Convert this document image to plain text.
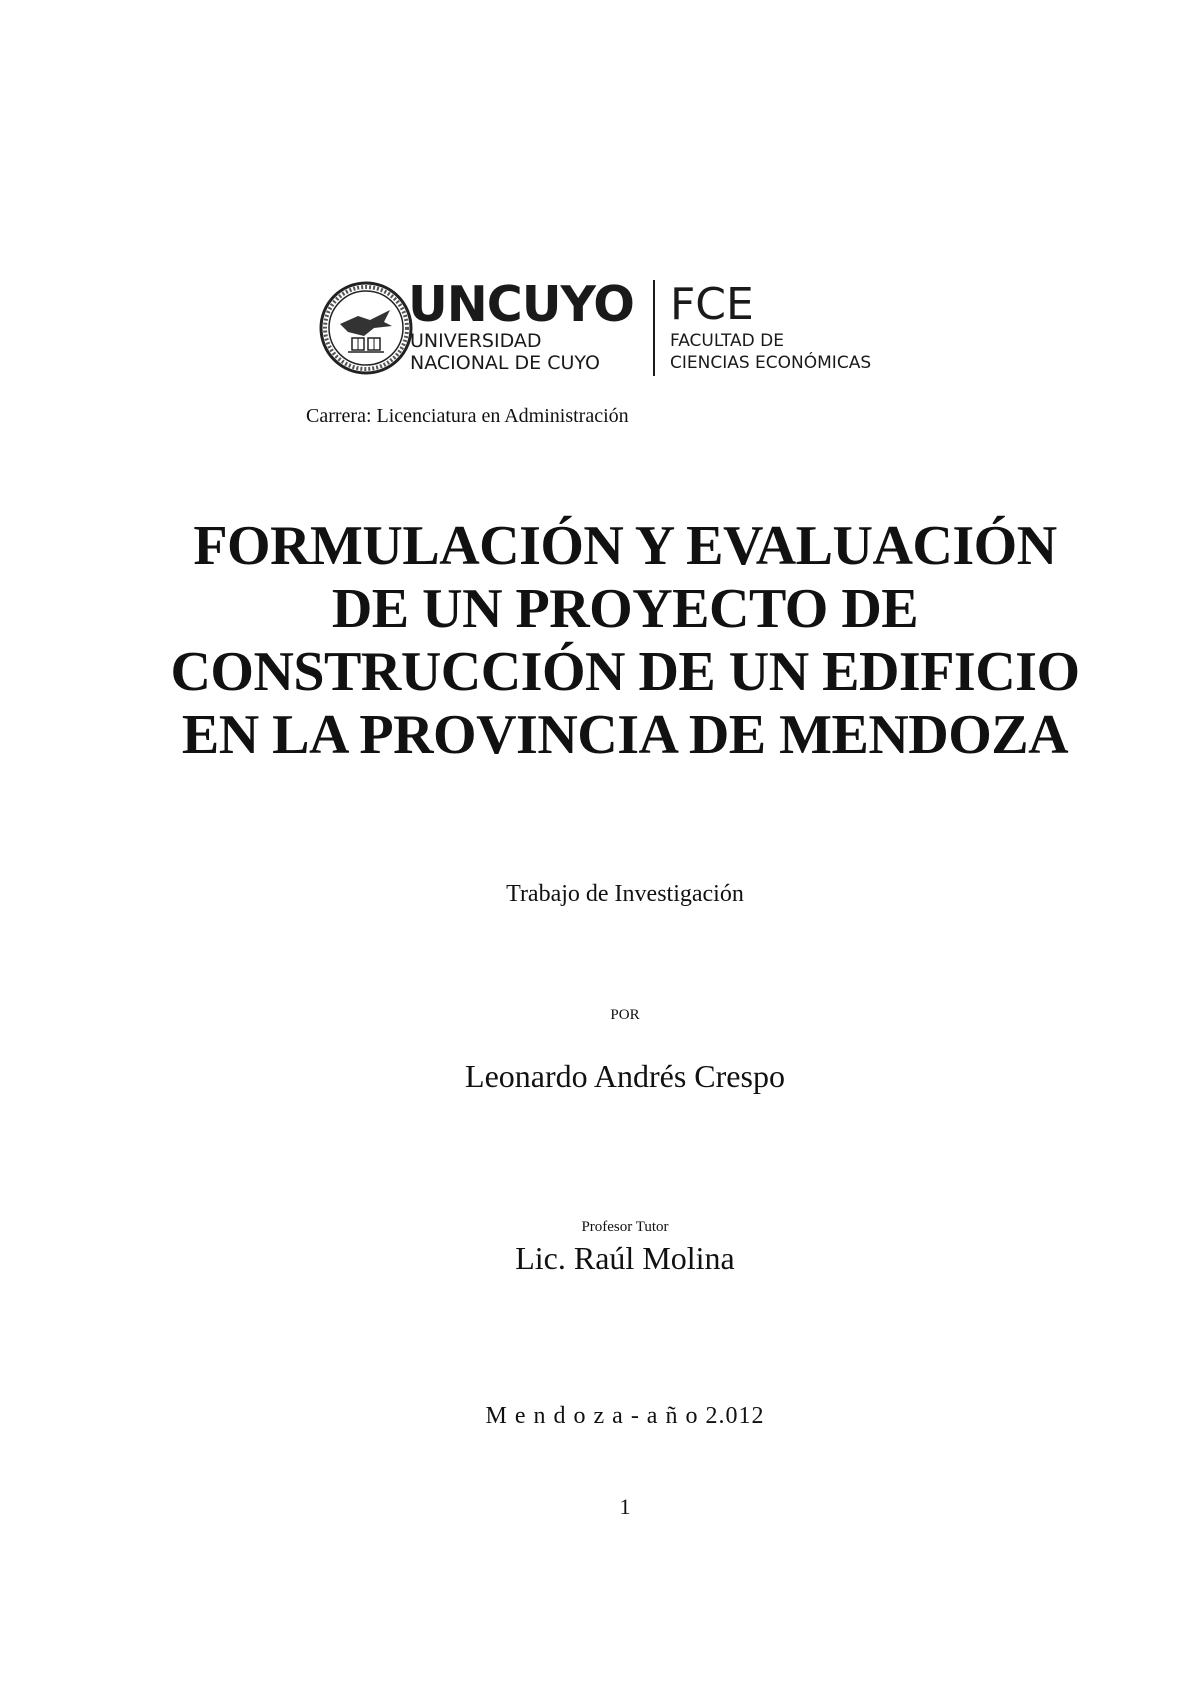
UNCUYO
UNIVERSIDAD
NACIONAL DE CUYO
FCE
FACULTAD DE
CIENCIAS ECONÓMICAS
Carrera: Licenciatura en Administración
FORMULACIÓN Y EVALUACIÓN
DE UN PROYECTO DE
CONSTRUCCIÓN DE UN EDIFICIO
EN LA PROVINCIA DE MENDOZA
Trabajo de Investigación
POR
Leonardo Andrés Crespo
Profesor Tutor
Lic. Raúl Molina
M e n d o z a - a ñ o 2.012
1
